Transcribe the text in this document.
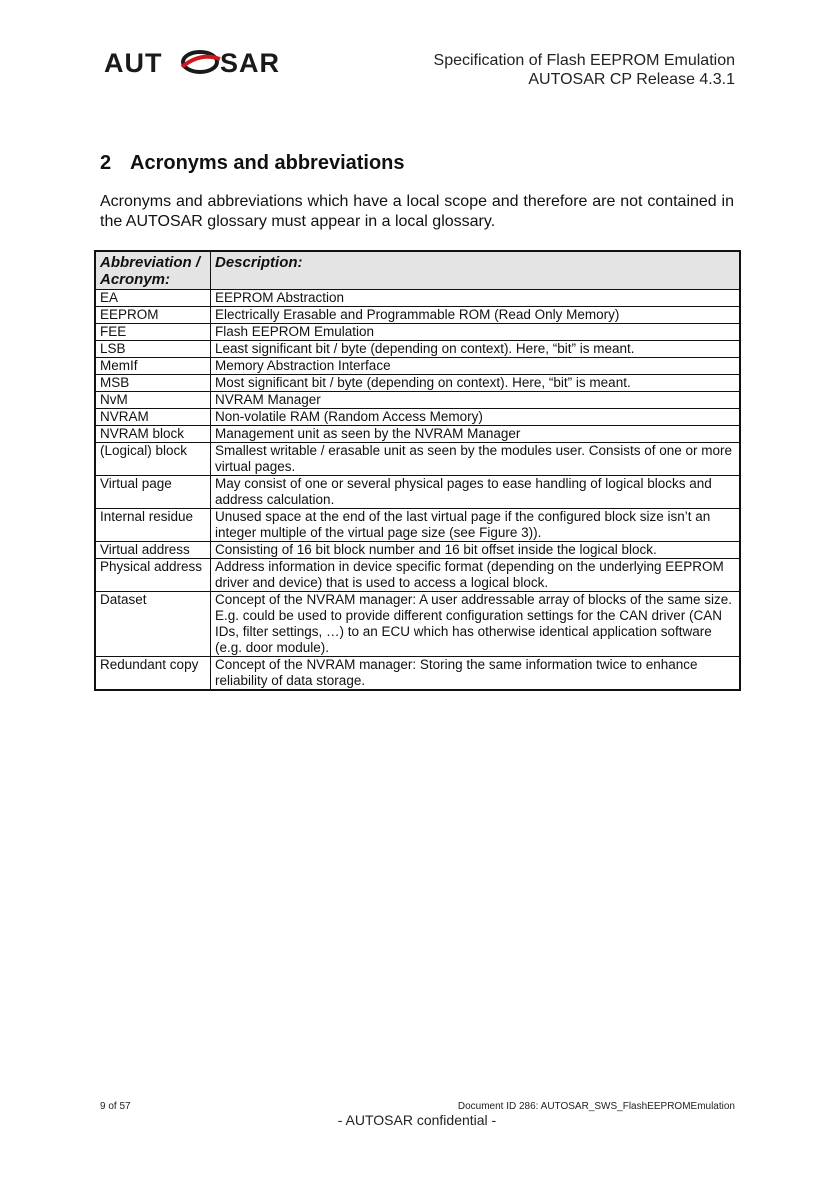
AUT SAR	Specification of Flash EEPROM Emulation
AUTOSAR CP Release 4.3.1
2 Acronyms and abbreviations

Acronyms and abbreviations which have a local scope and therefore are not contained in the AUTOSAR glossary must appear in a local glossary.

Abbreviation / Acronym:	Description:
EA	EEPROM Abstraction

EEPROM	Electrically Erasable and Programmable ROM (Read Only Memory)

FEE	Flash EEPROM Emulation

LSB	Least significant bit / byte (depending on context). Here, “bit” is meant.

MemIf	Memory Abstraction Interface

MSB	Most significant bit / byte (depending on context). Here, “bit” is meant.

NvM	NVRAM Manager

NVRAM	Non-volatile RAM (Random Access Memory)

NVRAM block	Management unit as seen by the NVRAM Manager

(Logical) block	Smallest writable / erasable unit as seen by the modules user. Consists of one or more virtual pages.

Virtual page	May consist of one or several physical pages to ease handling of logical blocks and address calculation.

Internal residue	Unused space at the end of the last virtual page if the configured block size isn’t an integer multiple of the virtual page size (see Figure 3)).

Virtual address	Consisting of 16 bit block number and 16 bit offset inside the logical block.

Physical address	Address information in device specific format (depending on the underlying EEPROM driver and device) that is used to access a logical block.

Dataset	Concept of the NVRAM manager: A user addressable array of blocks of the same size.
E.g. could be used to provide different configuration settings for the CAN driver (CAN IDs, filter settings, …) to an ECU which has otherwise identical application software (e.g. door module).

Redundant copy	Concept of the NVRAM manager: Storing the same information twice to enhance reliability of data storage.
9 of 57	Document ID 286: AUTOSAR_SWS_FlashEEPROMEmulation
- AUTOSAR confidential -
